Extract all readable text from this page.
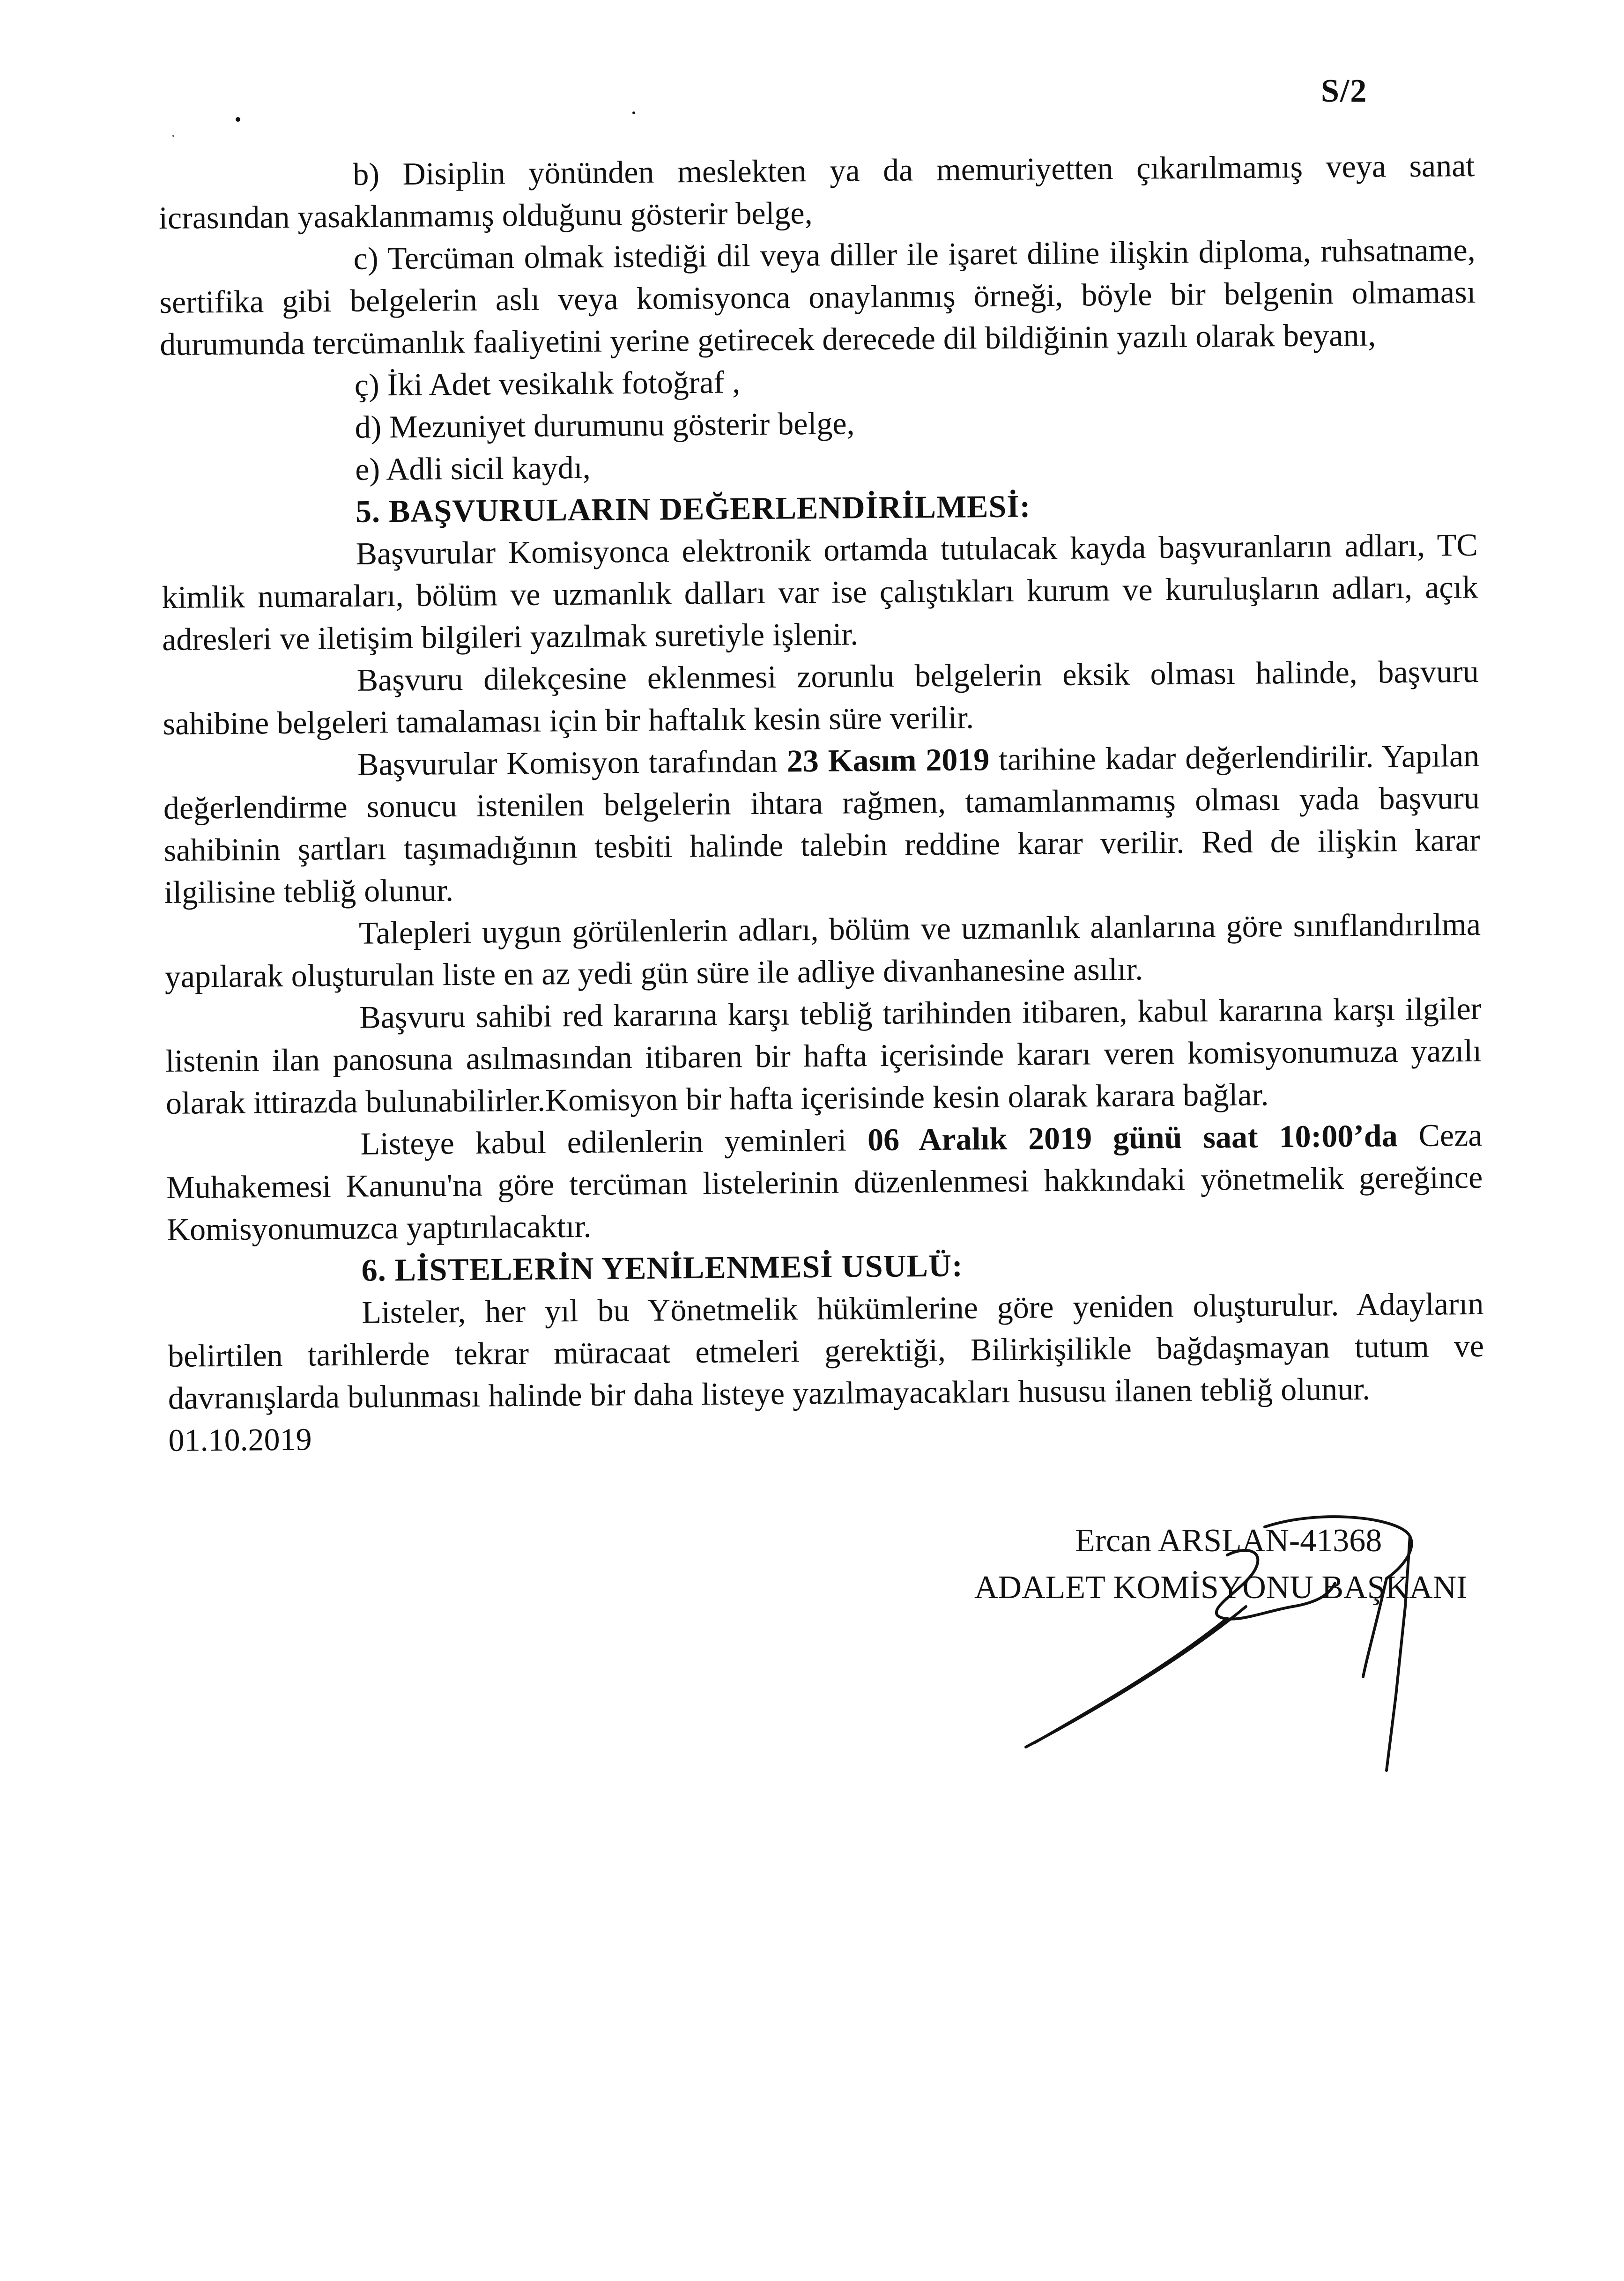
S/2

b) Disiplin yönünden meslekten ya da memuriyetten çıkarılmamış veya sanat icrasından yasaklanmamış olduğunu gösterir belge,

c) Tercüman olmak istediği dil veya diller ile işaret diline ilişkin diploma, ruhsatname, sertifika gibi belgelerin aslı veya komisyonca onaylanmış örneği, böyle bir belgenin olmaması durumunda tercümanlık faaliyetini yerine getirecek derecede dil bildiğinin yazılı olarak beyanı,

ç) İki Adet vesikalık fotoğraf ,

d) Mezuniyet durumunu gösterir belge,

e) Adli sicil kaydı,

5. BAŞVURULARIN DEĞERLENDİRİLMESİ:

Başvurular Komisyonca elektronik ortamda tutulacak kayda başvuranların adları, TC kimlik numaraları, bölüm ve uzmanlık dalları var ise çalıştıkları kurum ve kuruluşların adları, açık adresleri ve iletişim bilgileri yazılmak suretiyle işlenir.

Başvuru dilekçesine eklenmesi zorunlu belgelerin eksik olması halinde, başvuru sahibine belgeleri tamalaması için bir haftalık kesin süre verilir.

Başvurular Komisyon tarafından 23 Kasım 2019 tarihine kadar değerlendirilir. Yapılan değerlendirme sonucu istenilen belgelerin ihtara rağmen, tamamlanmamış olması yada başvuru sahibinin şartları taşımadığının tesbiti halinde talebin reddine karar verilir. Red de ilişkin karar ilgilisine tebliğ olunur.

Talepleri uygun görülenlerin adları, bölüm ve uzmanlık alanlarına göre sınıflandırılma yapılarak oluşturulan liste en az yedi gün süre ile adliye divanhanesine asılır.

Başvuru sahibi red kararına karşı tebliğ tarihinden itibaren, kabul kararına karşı ilgiler listenin ilan panosuna asılmasından itibaren bir hafta içerisinde kararı veren komisyonumuza yazılı olarak ittirazda bulunabilirler.Komisyon bir hafta içerisinde kesin olarak karara bağlar.

Listeye kabul edilenlerin yeminleri 06 Aralık 2019 günü saat 10:00’da Ceza Muhakemesi Kanunu'na göre tercüman listelerinin düzenlenmesi hakkındaki yönetmelik gereğince Komisyonumuzca yaptırılacaktır.

6. LİSTELERİN YENİLENMESİ USULÜ:

Listeler, her yıl bu Yönetmelik hükümlerine göre yeniden oluşturulur. Adayların belirtilen tarihlerde tekrar müracaat etmeleri gerektiği, Bilirkişilikle bağdaşmayan tutum ve davranışlarda bulunması halinde bir daha listeye yazılmayacakları hususu ilanen tebliğ olunur.

01.10.2019

Ercan ARSLAN-41368

ADALET KOMİSYONU BAŞKANI
